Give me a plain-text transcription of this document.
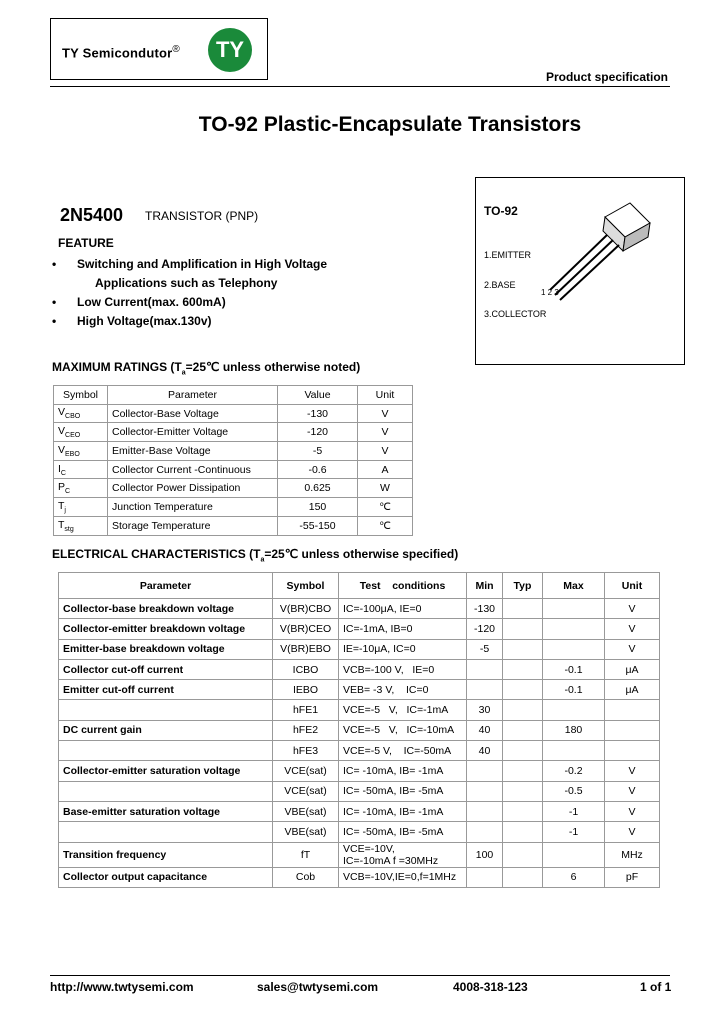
TY Semicondutor®	TY
Product specification
TO-92 Plastic-Encapsulate Transistors
2N5400 TRANSISTOR (PNP)
FEATURE
•	Switching and Amplification in High Voltage
Applications such as Telephony
•	Low Current(max. 600mA)
•	High Voltage(max.130v)
TO-92
1.EMITTER
2.BASE
3.COLLECTOR
1 2 3
MAXIMUM RATINGS ($T_a=25℃$ unless otherwise noted)
Symbol	Parameter	Value	Unit
$V_{CBO}$	Collector-Base Voltage	-130	V
$V_{CEO}$	Collector-Emitter Voltage	-120	V
$V_{EBO}$	Emitter-Base Voltage	-5	V
$I_C$	Collector Current -Continuous	-0.6	A
$P_C$	Collector Power Dissipation	0.625	W
$T_j$	Junction Temperature	150	℃
$T_{stg}$	Storage Temperature	-55-150	℃
ELECTRICAL CHARACTERISTICS ($T_a=25℃$ unless otherwise specified)
Parameter	Symbol	Test    conditions	Min	Typ	Max	Unit
Collector-base breakdown voltage	V(BR)CBO	IC=-100μA, IE=0	-130			V
Collector-emitter breakdown voltage	V(BR)CEO	IC=-1mA, IB=0	-120			V
Emitter-base breakdown voltage	V(BR)EBO	IE=-10μA, IC=0	-5			V
Collector cut-off current	ICBO	VCB=-100 V,   IE=0			-0.1	μA
Emitter cut-off current	IEBO	VEB= -3 V,    IC=0			-0.1	μA
	hFE1	VCE=-5   V,   IC=-1mA	30			
DC current gain	hFE2	VCE=-5   V,   IC=-10mA	40		180	
	hFE3	VCE=-5 V,    IC=-50mA	40			
Collector-emitter saturation voltage	VCE(sat)	IC= -10mA, IB= -1mA			-0.2	V
	VCE(sat)	IC= -50mA, IB= -5mA			-0.5	V
Base-emitter saturation voltage	VBE(sat)	IC= -10mA, IB= -1mA			-1	V
	VBE(sat)	IC= -50mA, IB= -5mA			-1	V
Transition frequency	fT	VCE=-10V,       IC=-10mA f =30MHz	100			MHz
Collector output capacitance	Cob	VCB=-10V,IE=0,f=1MHz			6	pF
http://www.twtysemi.com	sales@twtysemi.com	4008-318-123	1 of 1
